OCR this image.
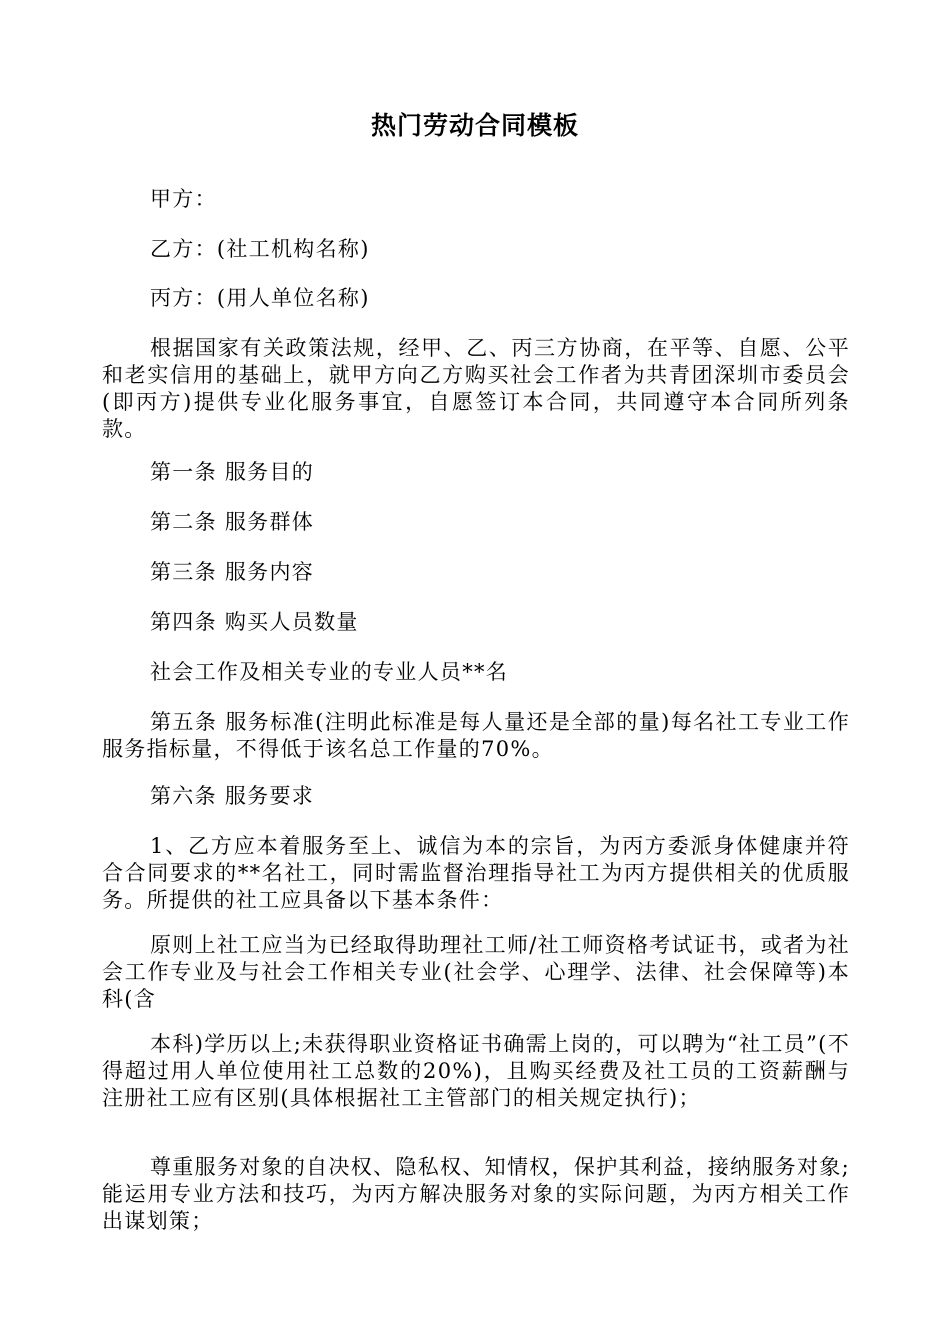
热门劳动合同模板

甲方：

乙方：(社工机构名称)

丙方：(用人单位名称)

根据国家有关政策法规，经甲、乙、丙三方协商，在平等、自愿、公平和老实信用的基础上，就甲方向乙方购买社会工作者为共青团深圳市委员会(即丙方)提供专业化服务事宜，自愿签订本合同，共同遵守本合同所列条款。

第一条 服务目的

第二条 服务群体

第三条 服务内容

第四条 购买人员数量

社会工作及相关专业的专业人员**名

第五条 服务标准(注明此标准是每人量还是全部的量)每名社工专业工作服务指标量，不得低于该名总工作量的70%。

第六条 服务要求

1、乙方应本着服务至上、诚信为本的宗旨，为丙方委派身体健康并符合合同要求的**名社工，同时需监督治理指导社工为丙方提供相关的优质服务。所提供的社工应具备以下基本条件：

原则上社工应当为已经取得助理社工师/社工师资格考试证书，或者为社会工作专业及与社会工作相关专业(社会学、心理学、法律、社会保障等)本科(含

本科)学历以上;未获得职业资格证书确需上岗的，可以聘为“社工员”(不得超过用人单位使用社工总数的20%)，且购买经费及社工员的工资薪酬与注册社工应有区别(具体根据社工主管部门的相关规定执行)；

尊重服务对象的自决权、隐私权、知情权，保护其利益，接纳服务对象;能运用专业方法和技巧，为丙方解决服务对象的实际问题，为丙方相关工作出谋划策；
